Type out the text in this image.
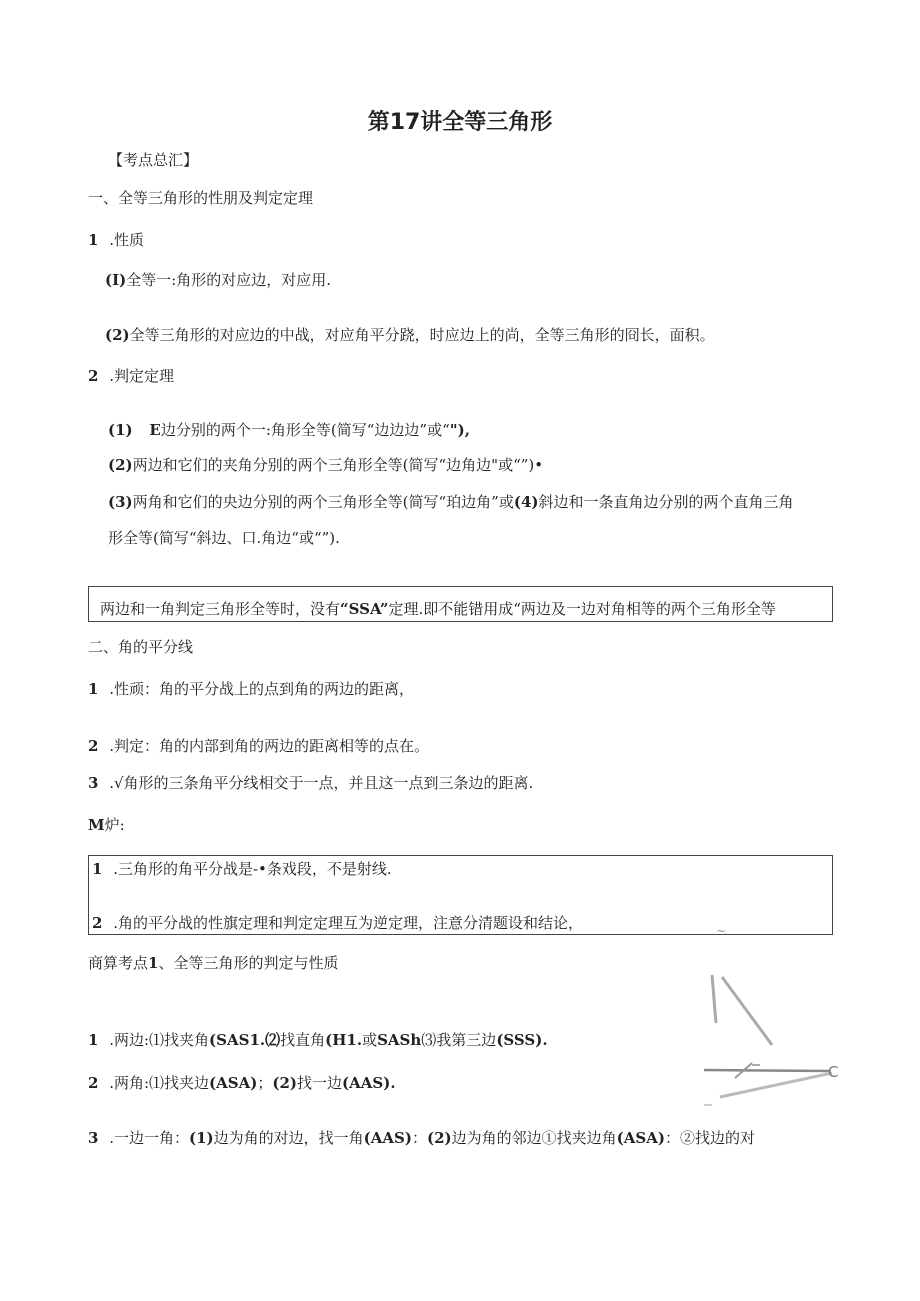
第17讲全等三角形
【考点总汇】
一、全等三角形的性朋及判定定理
1 .性质
(I)全等一:角形的对应边，对应用.
(2)全等三角形的对应边的中战，对应角平分跷，时应边上的尚，全等三角形的冏长，面积。
2 .判定定理
(1) E边分别的两个一:角形全等(简写“边边边”或“"),
(2)两边和它们的夹角分别的两个三角形全等(简写“边角边"或“”)•
(3)两角和它们的央边分别的两个三角形全等(简写“珀边角”或(4)斜边和一条直角边分别的两个直角三角
形全等(简写“斜边、口.角边“或“”).
两边和一角判定三角形全等时，没有“SSA”定理.即不能错用成“两边及一边对角相等的两个三角形全等
二、角的平分线
1 .性顽：角的平分战上的点到角的两边的距离，
2 .判定：角的内部到角的两边的距离相等的点在。
3 .√角形的三条角平分线相交于一点，并且这一点到三条边的距离.
M炉:
1 .三角形的角平分战是-•条戏段，不是射线.
2 .角的平分战的性旗定理和判定定理互为逆定理，注意分清题设和结论，
商算考点1、全等三角形的判定与性质
1 .两边:⑴找夹角(SAS1.⑵找直角(H1.或SASh⑶我第三边(SSS).
2 .两角:⑴找夹边(ASA)；(2)找一边(AAS).
3 .一边一角：(1)边为角的对边，找一角(AAS)：(2)边为角的邻边①找夹边角(ASA)：②找边的对
~
C
